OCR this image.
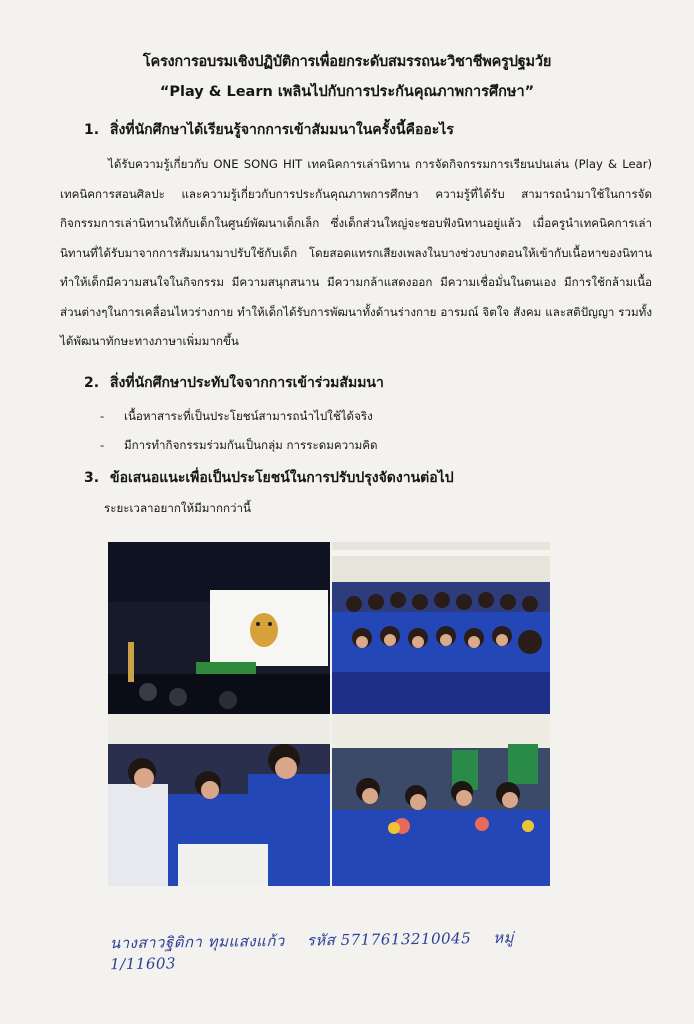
โครงการอบรมเชิงปฏิบัติการเพื่อยกระดับสมรรถนะวิชาชีพครูปฐมวัย
“Play & Learn เพลินไปกับการประกันคุณภาพการศึกษา”
1. สิ่งที่นักศึกษาได้เรียนรู้จากการเข้าสัมมนาในครั้งนี้คืออะไร
ได้รับความรู้เกี่ยวกับ ONE SONG HIT เทคนิคการเล่านิทาน การจัดกิจกรรมการเรียนปนเล่น (Play & Lear) เทคนิคการสอนศิลปะ และความรู้เกี่ยวกับการประกันคุณภาพการศึกษา ความรู้ที่ได้รับ สามารถนำมาใช้ในการจัดกิจกรรมการเล่านิทานให้กับเด็กในศูนย์พัฒนาเด็กเล็ก ซึ่งเด็กส่วนใหญ่จะชอบฟังนิทานอยู่แล้ว เมื่อครูนำเทคนิคการเล่านิทานที่ได้รับมาจากการสัมมนามาปรับใช้กับเด็ก โดยสอดแทรกเสียงเพลงในบางช่วงบางตอนให้เข้ากับเนื้อหาของนิทาน ทำให้เด็กมีความสนใจในกิจกรรม มีความสนุกสนาน มีความกล้าแสดงออก มีความเชื่อมั่นในตนเอง มีการใช้กล้ามเนื้อส่วนต่างๆในการเคลื่อนไหวร่างกาย ทำให้เด็กได้รับการพัฒนาทั้งด้านร่างกาย อารมณ์ จิตใจ สังคม และสติปัญญา รวมทั้งได้พัฒนาทักษะทางภาษาเพิ่มมากขึ้น
2. สิ่งที่นักศึกษาประทับใจจากการเข้าร่วมสัมมนา
- เนื้อหาสาระที่เป็นประโยชน์สามารถนำไปใช้ได้จริง
- มีการทำกิจกรรมร่วมกันเป็นกลุ่ม การระดมความคิด
3. ข้อเสนอแนะเพื่อเป็นประโยชน์ในการปรับปรุงจัดงานต่อไป
ระยะเวลาอยากให้มีมากกว่านี้
นางสาวฐิติกา ทุมแสงแก้ว รหัส 5717613210045 หมู่ 1/11603
